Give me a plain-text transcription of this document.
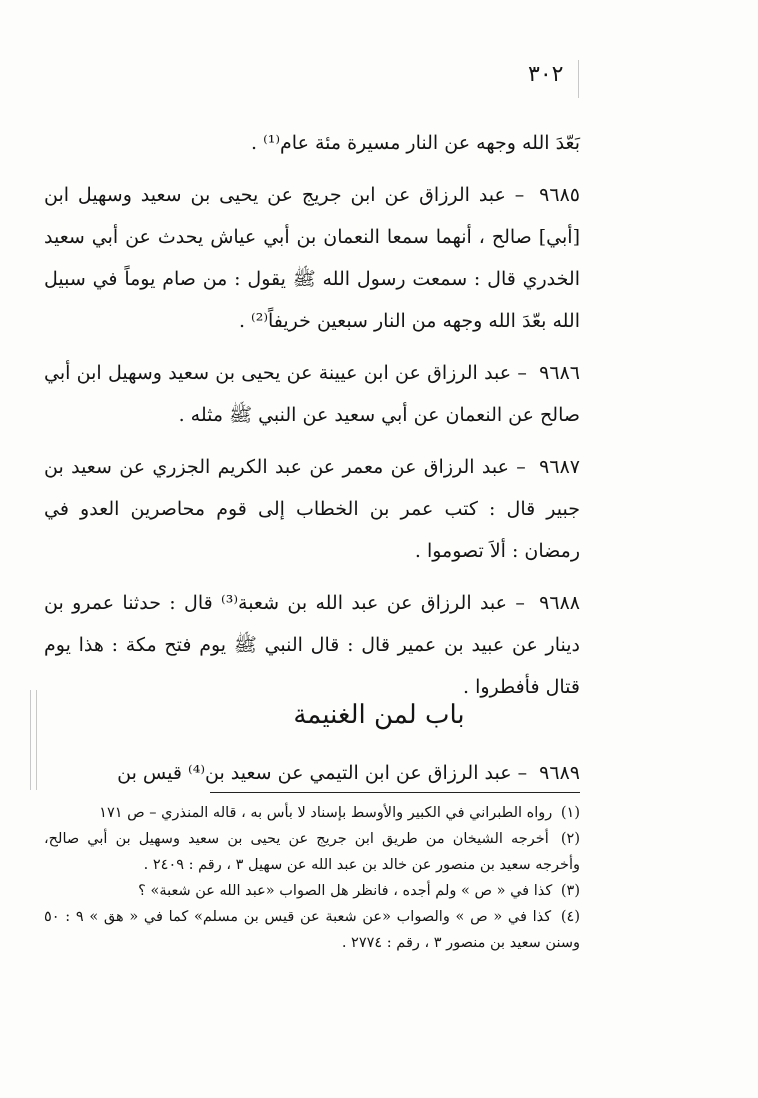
٣٠٢

بَعّدَ الله وجهه عن النار مسيرة مئة عام⁽¹⁾ .

٩٦٨٥ – عبد الرزاق عن ابن جريج عن يحيى بن سعيد وسهيل ابن [أبي] صالح ، أنهما سمعا النعمان بن أبي عياش يحدث عن أبي سعيد الخدري قال : سمعت رسول الله ﷺ يقول : من صام يوماً في سبيل الله بعّدَ الله وجهه من النار سبعين خريفاً⁽²⁾ .

٩٦٨٦ – عبد الرزاق عن ابن عيينة عن يحيى بن سعيد وسهيل ابن أبي صالح عن النعمان عن أبي سعيد عن النبي ﷺ مثله .

٩٦٨٧ – عبد الرزاق عن معمر عن عبد الكريم الجزري عن سعيد بن جبير قال : كتب عمر بن الخطاب إلى قوم محاصرين العدو في رمضان : ألاَ تصوموا .

٩٦٨٨ – عبد الرزاق عن عبد الله بن شعبة⁽³⁾ قال : حدثنا عمرو بن دينار عن عبيد بن عمير قال : قال النبي ﷺ يوم فتح مكة : هذا يوم قتال فأفطروا .

باب لمن الغنيمة
٩٦٨٩ – عبد الرزاق عن ابن التيمي عن سعيد بن⁽⁴⁾ قيس بن

(١) رواه الطبراني في الكبير والأوسط بإسناد لا بأس به ، قاله المنذري – ص ١٧١

(٢) أخرجه الشيخان من طريق ابن جريج عن يحيى بن سعيد وسهيل بن أبي صالح، وأخرجه سعيد بن منصور عن خالد بن عبد الله عن سهيل ٣ ، رقم : ٢٤٠٩ .

(٣) كذا في « ص » ولم أجده ، فانظر هل الصواب «عبد الله عن شعبة» ؟

(٤) كذا في « ص » والصواب «عن شعبة عن قيس بن مسلم» كما في « هق » ٩ : ٥٠ وسنن سعيد بن منصور ٣ ، رقم : ٢٧٧٤ .
